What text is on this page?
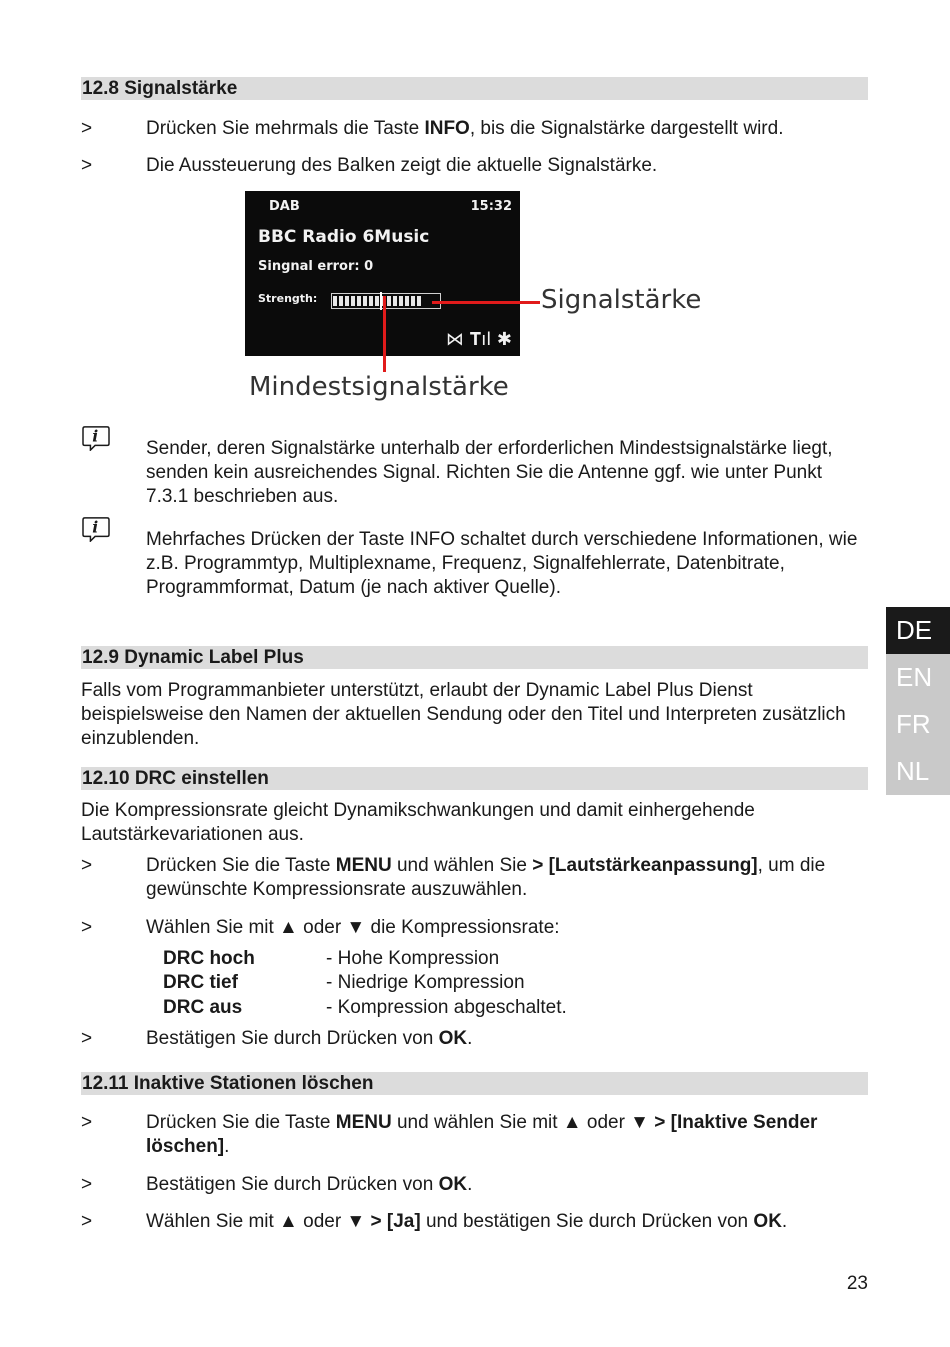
12.8 Signalstärke
>	Drücken Sie mehrmals die Taste INFO, bis die Signalstärke dargestellt wird.
>	Die Aussteuerung des Balken zeigt die aktuelle Signalstärke.
DAB	15:32
BBC Radio 6Music
Singnal error: 0
Strength:
⋈ 𝐓ıl ✱
Signalstärke
Mindestsignalstärke
i
Sender, deren Signalstärke unterhalb der erforderlichen Mindestsignalstärke liegt, senden kein ausreichendes Signal. Richten Sie die Antenne ggf. wie unter Punkt 7.3.1 beschrieben aus.
i
Mehrfaches Drücken der Taste INFO schaltet durch verschiedene Informationen, wie z.B. Programmtyp, Multiplexname, Frequenz, Signalfehlerrate, Datenbitrate, Programmformat, Datum (je nach aktiver Quelle).
12.9 Dynamic Label Plus
Falls vom Programmanbieter unterstützt, erlaubt der Dynamic Label Plus Dienst beispielsweise den Namen der aktuellen Sendung oder den Titel und Interpreten zusätzlich einzublenden.
12.10 DRC einstellen
Die Kompressionsrate gleicht Dynamikschwankungen und damit einhergehende Lautstärkevariationen aus.
>	Drücken Sie die Taste MENU und wählen Sie > [Lautstärkeanpassung], um die gewünschte Kompressionsrate auszuwählen.
>	Wählen Sie mit ▲ oder ▼ die Kompressionsrate:
DRC hoch	- Hohe Kompression
DRC tief	- Niedrige Kompression
DRC aus	- Kompression abgeschaltet.
>	Bestätigen Sie durch Drücken von OK.
12.11 Inaktive Stationen löschen
>	Drücken Sie die Taste MENU und wählen Sie mit ▲ oder ▼ > [Inaktive Sender löschen].
>	Bestätigen Sie durch Drücken von OK.
>	Wählen Sie mit ▲ oder ▼ > [Ja] und bestätigen Sie durch Drücken von OK.
DE
EN
FR
NL
23
